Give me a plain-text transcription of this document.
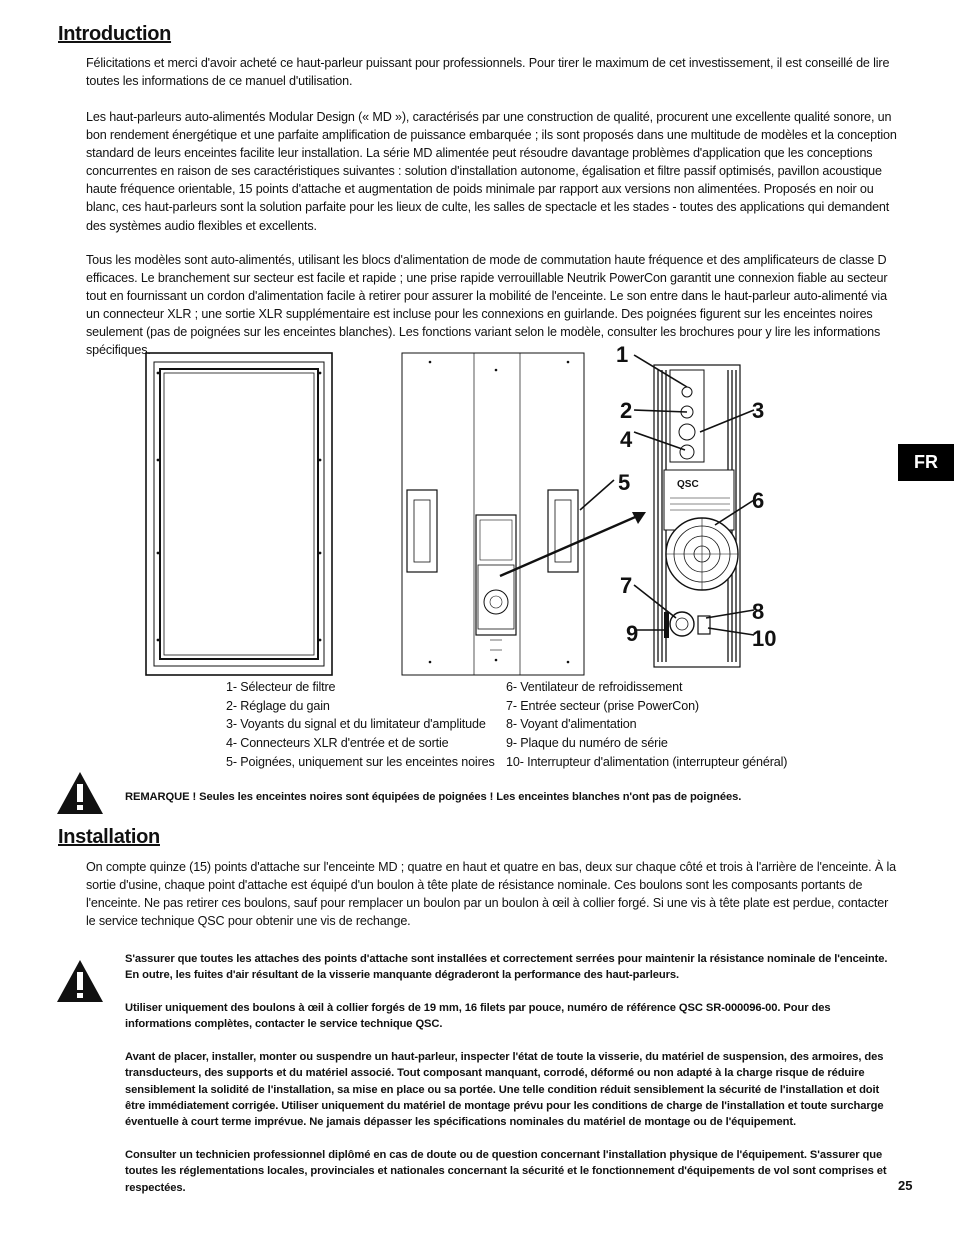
Introduction

Félicitations et merci d'avoir acheté ce haut-parleur puissant pour professionnels. Pour tirer le maximum de cet investissement, il est conseillé de lire toutes les informations de ce manuel d'utilisation.

Les haut-parleurs auto-alimentés Modular Design (« MD »), caractérisés par une construction de qualité, procurent une excellente qualité sonore, un bon rendement énergétique et une parfaite amplification de puissance embarquée ; ils sont proposés dans une multitude de modèles et la conception standard de leurs enceintes facilite leur installation. La série MD alimentée peut résoudre davantage problèmes d'application que les conceptions concurrentes en raison de ses caractéristiques suivantes : solution d'installation autonome, égalisation et filtre passif optimisés, pavillon acoustique haute fréquence orientable, 15 points d'attache et augmentation de poids minimale par rapport aux versions non alimentées. Proposés en noir ou blanc, ces haut-parleurs sont la solution parfaite pour les lieux de culte, les salles de spectacle et les stades - toutes des applications qui demandent des systèmes audio flexibles et excellents.

Tous les modèles sont auto-alimentés, utilisant les blocs d'alimentation de mode de commutation haute fréquence et des amplificateurs de classe D efficaces. Le branchement sur secteur est facile et rapide ; une prise rapide verrouillable Neutrik PowerCon garantit une connexion fiable au secteur tout en fournissant un cordon d'alimentation facile à retirer pour assurer la mobilité de l'enceinte. Le son entre dans le haut-parleur auto-alimenté via un connecteur XLR ; une sortie XLR supplémentaire est incluse pour les connexions en guirlande. Des poignées figurent sur les enceintes noires seulement (pas de poignées sur les enceintes blanches). Les fonctions variant selon le modèle, consulter les brochures pour y lire les informations spécifiques.

QSC
1
2	3
4
5
6
7
8
9	10
1- Sélecteur de filtre
2- Réglage du gain
3- Voyants du signal et du limitateur d'amplitude
4- Connecteurs XLR d'entrée et de sortie
5- Poignées, uniquement sur les enceintes noires
6- Ventilateur de refroidissement
7- Entrée secteur (prise PowerCon)
8- Voyant d'alimentation
9- Plaque du numéro de série
10- Interrupteur d'alimentation (interrupteur général)

REMARQUE ! Seules les enceintes noires sont équipées de poignées ! Les enceintes blanches n'ont pas de poignées.

Installation

On compte quinze (15) points d'attache sur l'enceinte MD ; quatre en haut et quatre en bas, deux sur chaque côté et trois à l'arrière de l'enceinte. À la sortie d'usine, chaque point d'attache est équipé d'un boulon à tête plate de résistance nominale. Ces boulons sont les composants portants de l'enceinte. Ne pas retirer ces boulons, sauf pour remplacer un boulon par un boulon à œil à collier forgé. Si une vis à tête plate est perdue, contacter le service technique QSC pour obtenir une vis de rechange.

S'assurer que toutes les attaches des points d'attache sont installées et correctement serrées pour maintenir la résistance nominale de l'enceinte. En outre, les fuites d'air résultant de la visserie manquante dégraderont la performance des haut-parleurs.

Utiliser uniquement des boulons à œil à collier forgés de 19 mm, 16 filets par pouce, numéro de référence QSC SR-000096-00. Pour des informations complètes, contacter le service technique QSC.

Avant de placer, installer, monter ou suspendre un haut-parleur, inspecter l'état de toute la visserie, du matériel de suspension, des armoires, des transducteurs, des supports et du matériel associé. Tout composant manquant, corrodé, déformé ou non adapté à la charge risque de réduire sensiblement la solidité de l'installation, sa mise en place ou sa portée. Une telle condition réduit sensiblement la sécurité de l'installation et doit être immédiatement corrigée. Utiliser uniquement du matériel de montage prévu pour les conditions de charge de l'installation et toute surcharge éventuelle à court terme imprévue. Ne jamais dépasser les spécifications nominales du matériel de montage ou de l'équipement.

Consulter un technicien professionnel diplômé en cas de doute ou de question concernant l'installation physique de l'équipement. S'assurer que toutes les réglementations locales, provinciales et nationales concernant la sécurité et le fonctionnement d'équipements de vol sont comprises et respectées.

FR
25
